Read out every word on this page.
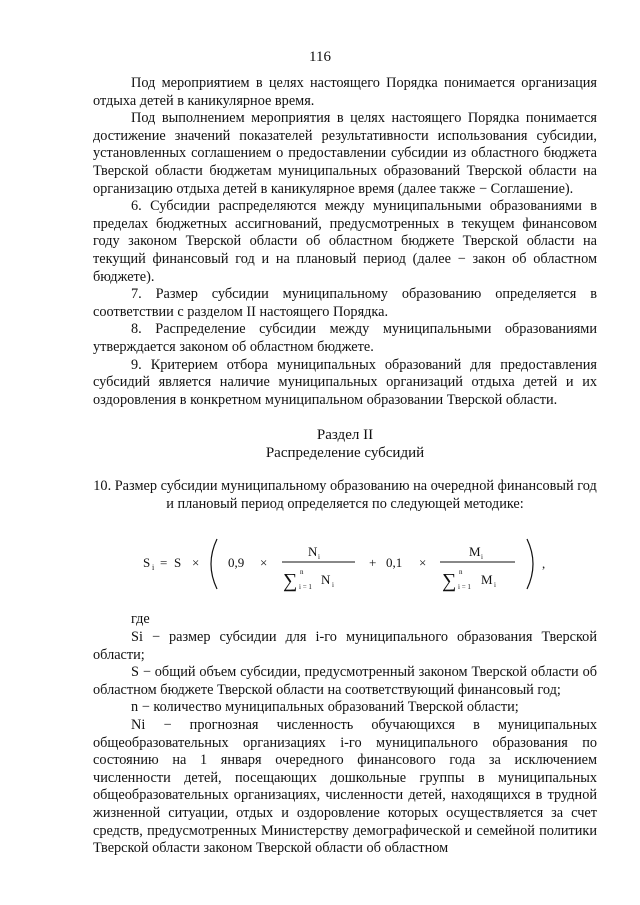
116

Под мероприятием в целях настоящего Порядка понимается организация отдыха детей в каникулярное время.

Под выполнением мероприятия в целях настоящего Порядка понимается достижение значений показателей результативности использования субсидии, установленных соглашением о предоставлении субсидии из областного бюджета Тверской области бюджетам муниципальных образований Тверской области на организацию отдыха детей в каникулярное время (далее также − Соглашение).

6. Субсидии распределяются между муниципальными образованиями в пределах бюджетных ассигнований, предусмотренных в текущем финансовом году законом Тверской области об областном бюджете Тверской области на текущий финансовый год и на плановый период (далее − закон об областном бюджете).

7. Размер субсидии муниципальному образованию определяется в соответствии с разделом II настоящего Порядка.

8. Распределение субсидии между муниципальными образованиями утверждается законом об областном бюджете.

9. Критерием отбора муниципальных образований для предоставления субсидий является наличие муниципальных организаций отдыха детей и их оздоровления в конкретном муниципальном образовании Тверской области.

Раздел II
Распределение субсидий

10. Размер субсидии муниципальному образованию на очередной финансовый год и плановый период определяется по следующей методике:

S i = S × 0,9 ×
N i
∑ n
i = 1 N i
+ 0,1 ×
M i
∑ n
i = 1 M i
,
где

Si − размер субсидии для i-го муниципального образования Тверской области;

S − общий объем субсидии, предусмотренный законом Тверской области об областном бюджете Тверской области на соответствующий финансовый год;

n − количество муниципальных образований Тверской области;

Ni − прогнозная численность обучающихся в муниципальных общеобразовательных организациях i-го муниципального образования по состоянию на 1 января очередного финансового года за исключением численности детей, посещающих дошкольные группы в муниципальных общеобразовательных организациях, численности детей, находящихся в трудной жизненной ситуации, отдых и оздоровление которых осуществляется за счет средств, предусмотренных Министерству демографической и семейной политики Тверской области законом Тверской области об областном
